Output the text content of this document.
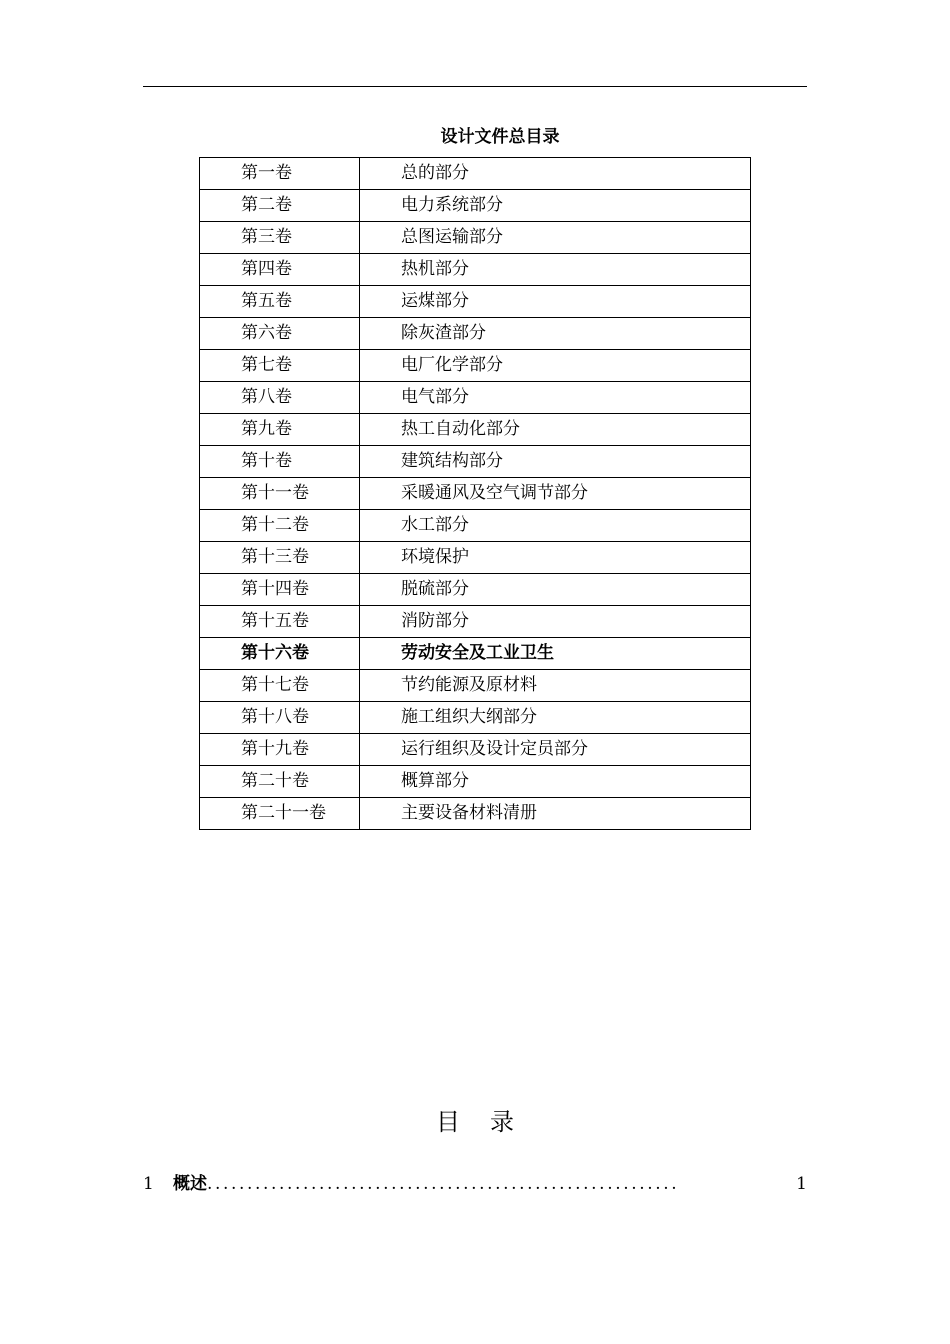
设计文件总目录
第一卷	总的部分
第二卷	电力系统部分
第三卷	总图运输部分
第四卷	热机部分
第五卷	运煤部分
第六卷	除灰渣部分
第七卷	电厂化学部分
第八卷	电气部分
第九卷	热工自动化部分
第十卷	建筑结构部分
第十一卷	采暖通风及空气调节部分
第十二卷	水工部分
第十三卷	环境保护
第十四卷	脱硫部分
第十五卷	消防部分
第十六卷	劳动安全及工业卫生
第十七卷	节约能源及原材料
第十八卷	施工组织大纲部分
第十九卷	运行组织及设计定员部分
第二十卷	概算部分
第二十一卷	主要设备材料清册
目录
1	概述 ...........................................................	1
